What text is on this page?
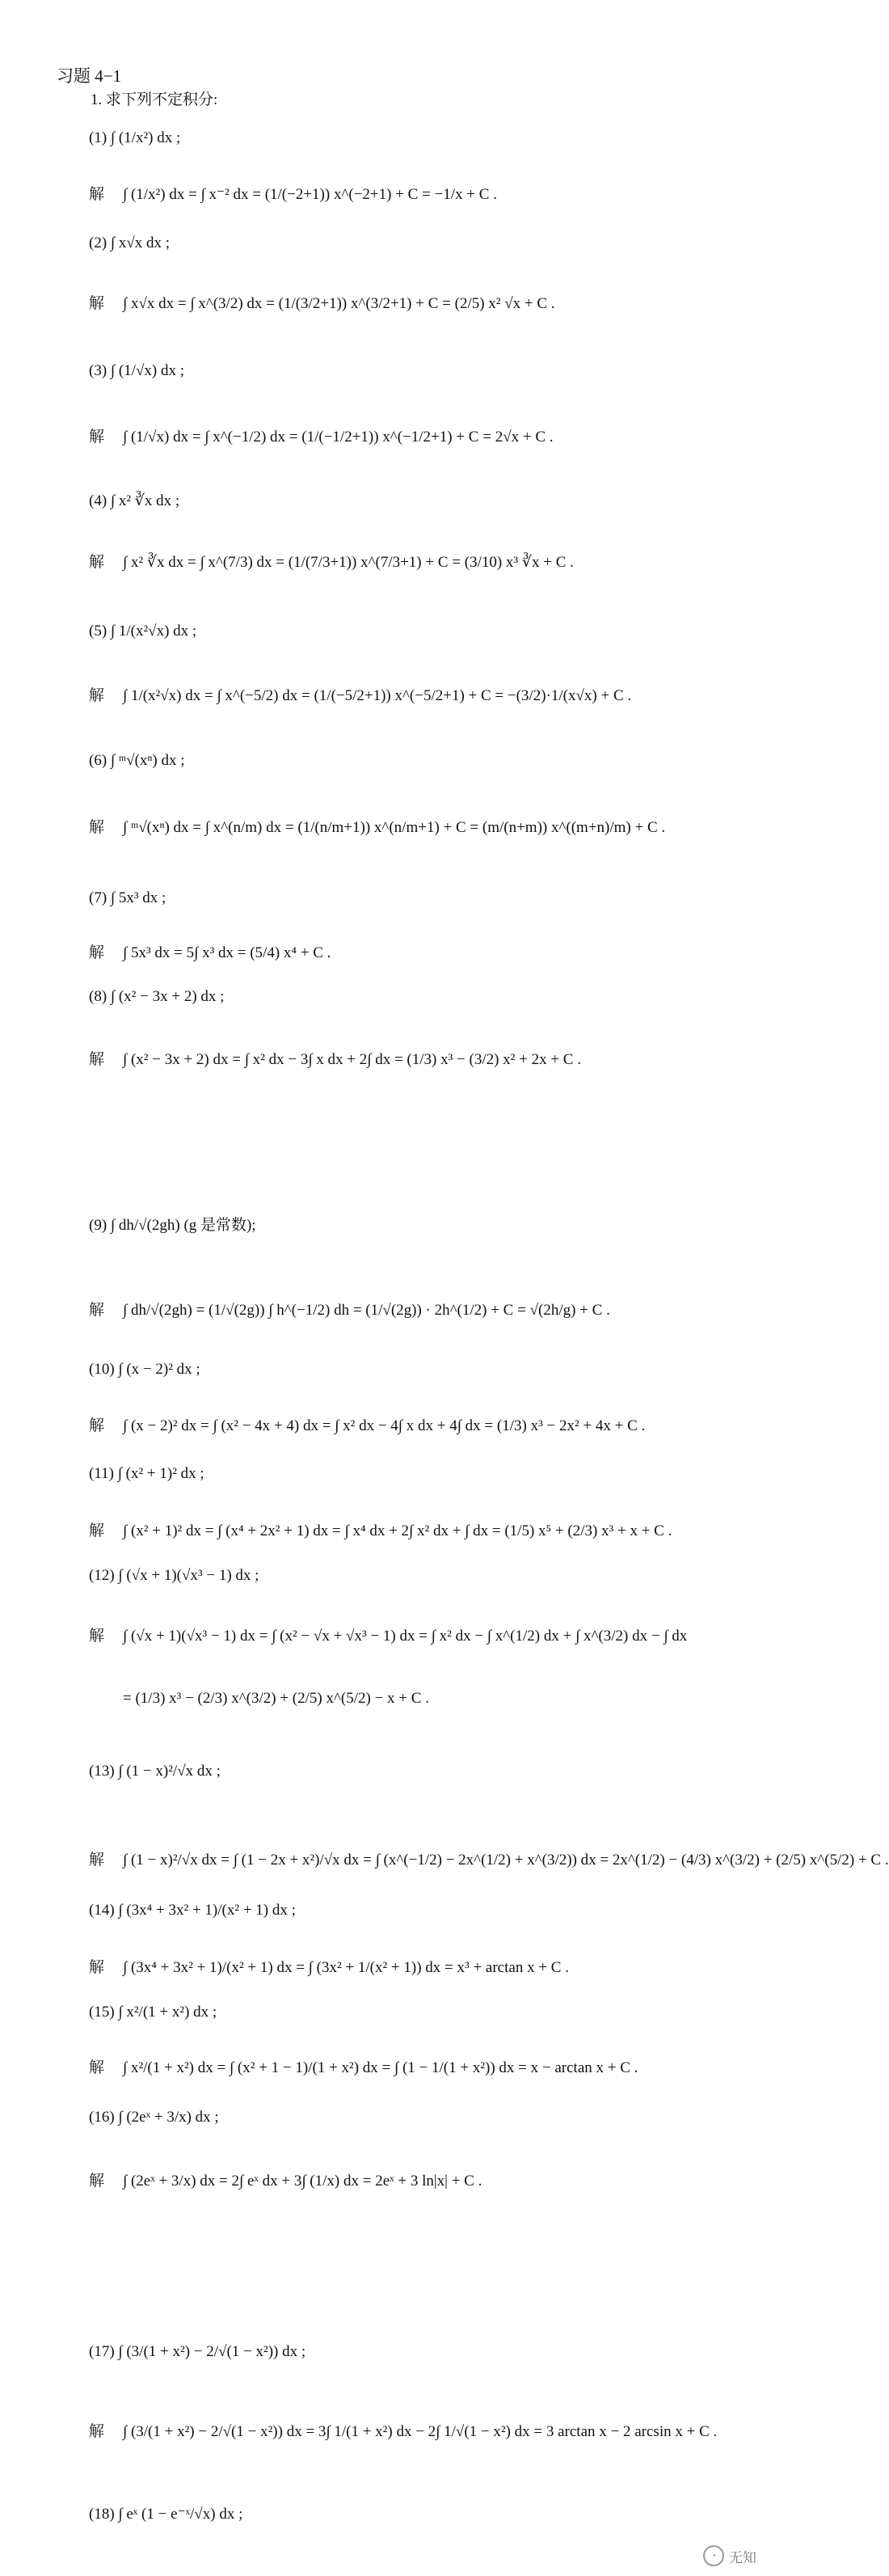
习题 4−1
1. 求下列不定积分:
(1) ∫ (1/x²) dx ;
解 ∫ (1/x²) dx = ∫ x⁻² dx = (1/(−2+1)) x^(−2+1) + C = −1/x + C .
(2) ∫ x√x dx ;
解 ∫ x√x dx = ∫ x^(3/2) dx = (1/(3/2+1)) x^(3/2+1) + C = (2/5) x² √x + C .
(3) ∫ (1/√x) dx ;
解 ∫ (1/√x) dx = ∫ x^(−1/2) dx = (1/(−1/2+1)) x^(−1/2+1) + C = 2√x + C .
(4) ∫ x² ∛x dx ;
解 ∫ x² ∛x dx = ∫ x^(7/3) dx = (1/(7/3+1)) x^(7/3+1) + C = (3/10) x³ ∛x + C .
(5) ∫ 1/(x²√x) dx ;
解 ∫ 1/(x²√x) dx = ∫ x^(−5/2) dx = (1/(−5/2+1)) x^(−5/2+1) + C = −(3/2)·1/(x√x) + C .
(6) ∫ ᵐ√(xⁿ) dx ;
解 ∫ ᵐ√(xⁿ) dx = ∫ x^(n/m) dx = (1/(n/m+1)) x^(n/m+1) + C = (m/(n+m)) x^((m+n)/m) + C .
(7) ∫ 5x³ dx ;
解 ∫ 5x³ dx = 5∫ x³ dx = (5/4) x⁴ + C .
(8) ∫ (x² − 3x + 2) dx ;
解 ∫ (x² − 3x + 2) dx = ∫ x² dx − 3∫ x dx + 2∫ dx = (1/3) x³ − (3/2) x² + 2x + C .
(9) ∫ dh/√(2gh) (g 是常数);
解 ∫ dh/√(2gh) = (1/√(2g)) ∫ h^(−1/2) dh = (1/√(2g)) · 2h^(1/2) + C = √(2h/g) + C .
(10) ∫ (x − 2)² dx ;
解 ∫ (x − 2)² dx = ∫ (x² − 4x + 4) dx = ∫ x² dx − 4∫ x dx + 4∫ dx = (1/3) x³ − 2x² + 4x + C .
(11) ∫ (x² + 1)² dx ;
解 ∫ (x² + 1)² dx = ∫ (x⁴ + 2x² + 1) dx = ∫ x⁴ dx + 2∫ x² dx + ∫ dx = (1/5) x⁵ + (2/3) x³ + x + C .
(12) ∫ (√x + 1)(√x³ − 1) dx ;
解 ∫ (√x + 1)(√x³ − 1) dx = ∫ (x² − √x + √x³ − 1) dx = ∫ x² dx − ∫ x^(1/2) dx + ∫ x^(3/2) dx − ∫ dx
= (1/3) x³ − (2/3) x^(3/2) + (2/5) x^(5/2) − x + C .
(13) ∫ (1 − x)²/√x dx ;
解 ∫ (1 − x)²/√x dx = ∫ (1 − 2x + x²)/√x dx = ∫ (x^(−1/2) − 2x^(1/2) + x^(3/2)) dx = 2x^(1/2) − (4/3) x^(3/2) + (2/5) x^(5/2) + C .
(14) ∫ (3x⁴ + 3x² + 1)/(x² + 1) dx ;
解 ∫ (3x⁴ + 3x² + 1)/(x² + 1) dx = ∫ (3x² + 1/(x² + 1)) dx = x³ + arctan x + C .
(15) ∫ x²/(1 + x²) dx ;
解 ∫ x²/(1 + x²) dx = ∫ (x² + 1 − 1)/(1 + x²) dx = ∫ (1 − 1/(1 + x²)) dx = x − arctan x + C .
(16) ∫ (2eˣ + 3/x) dx ;
解 ∫ (2eˣ + 3/x) dx = 2∫ eˣ dx + 3∫ (1/x) dx = 2eˣ + 3 ln|x| + C .
(17) ∫ (3/(1 + x²) − 2/√(1 − x²)) dx ;
解 ∫ (3/(1 + x²) − 2/√(1 − x²)) dx = 3∫ 1/(1 + x²) dx − 2∫ 1/√(1 − x²) dx = 3 arctan x − 2 arcsin x + C .
(18) ∫ eˣ (1 − e⁻ˣ/√x) dx ;
◔ 无知
